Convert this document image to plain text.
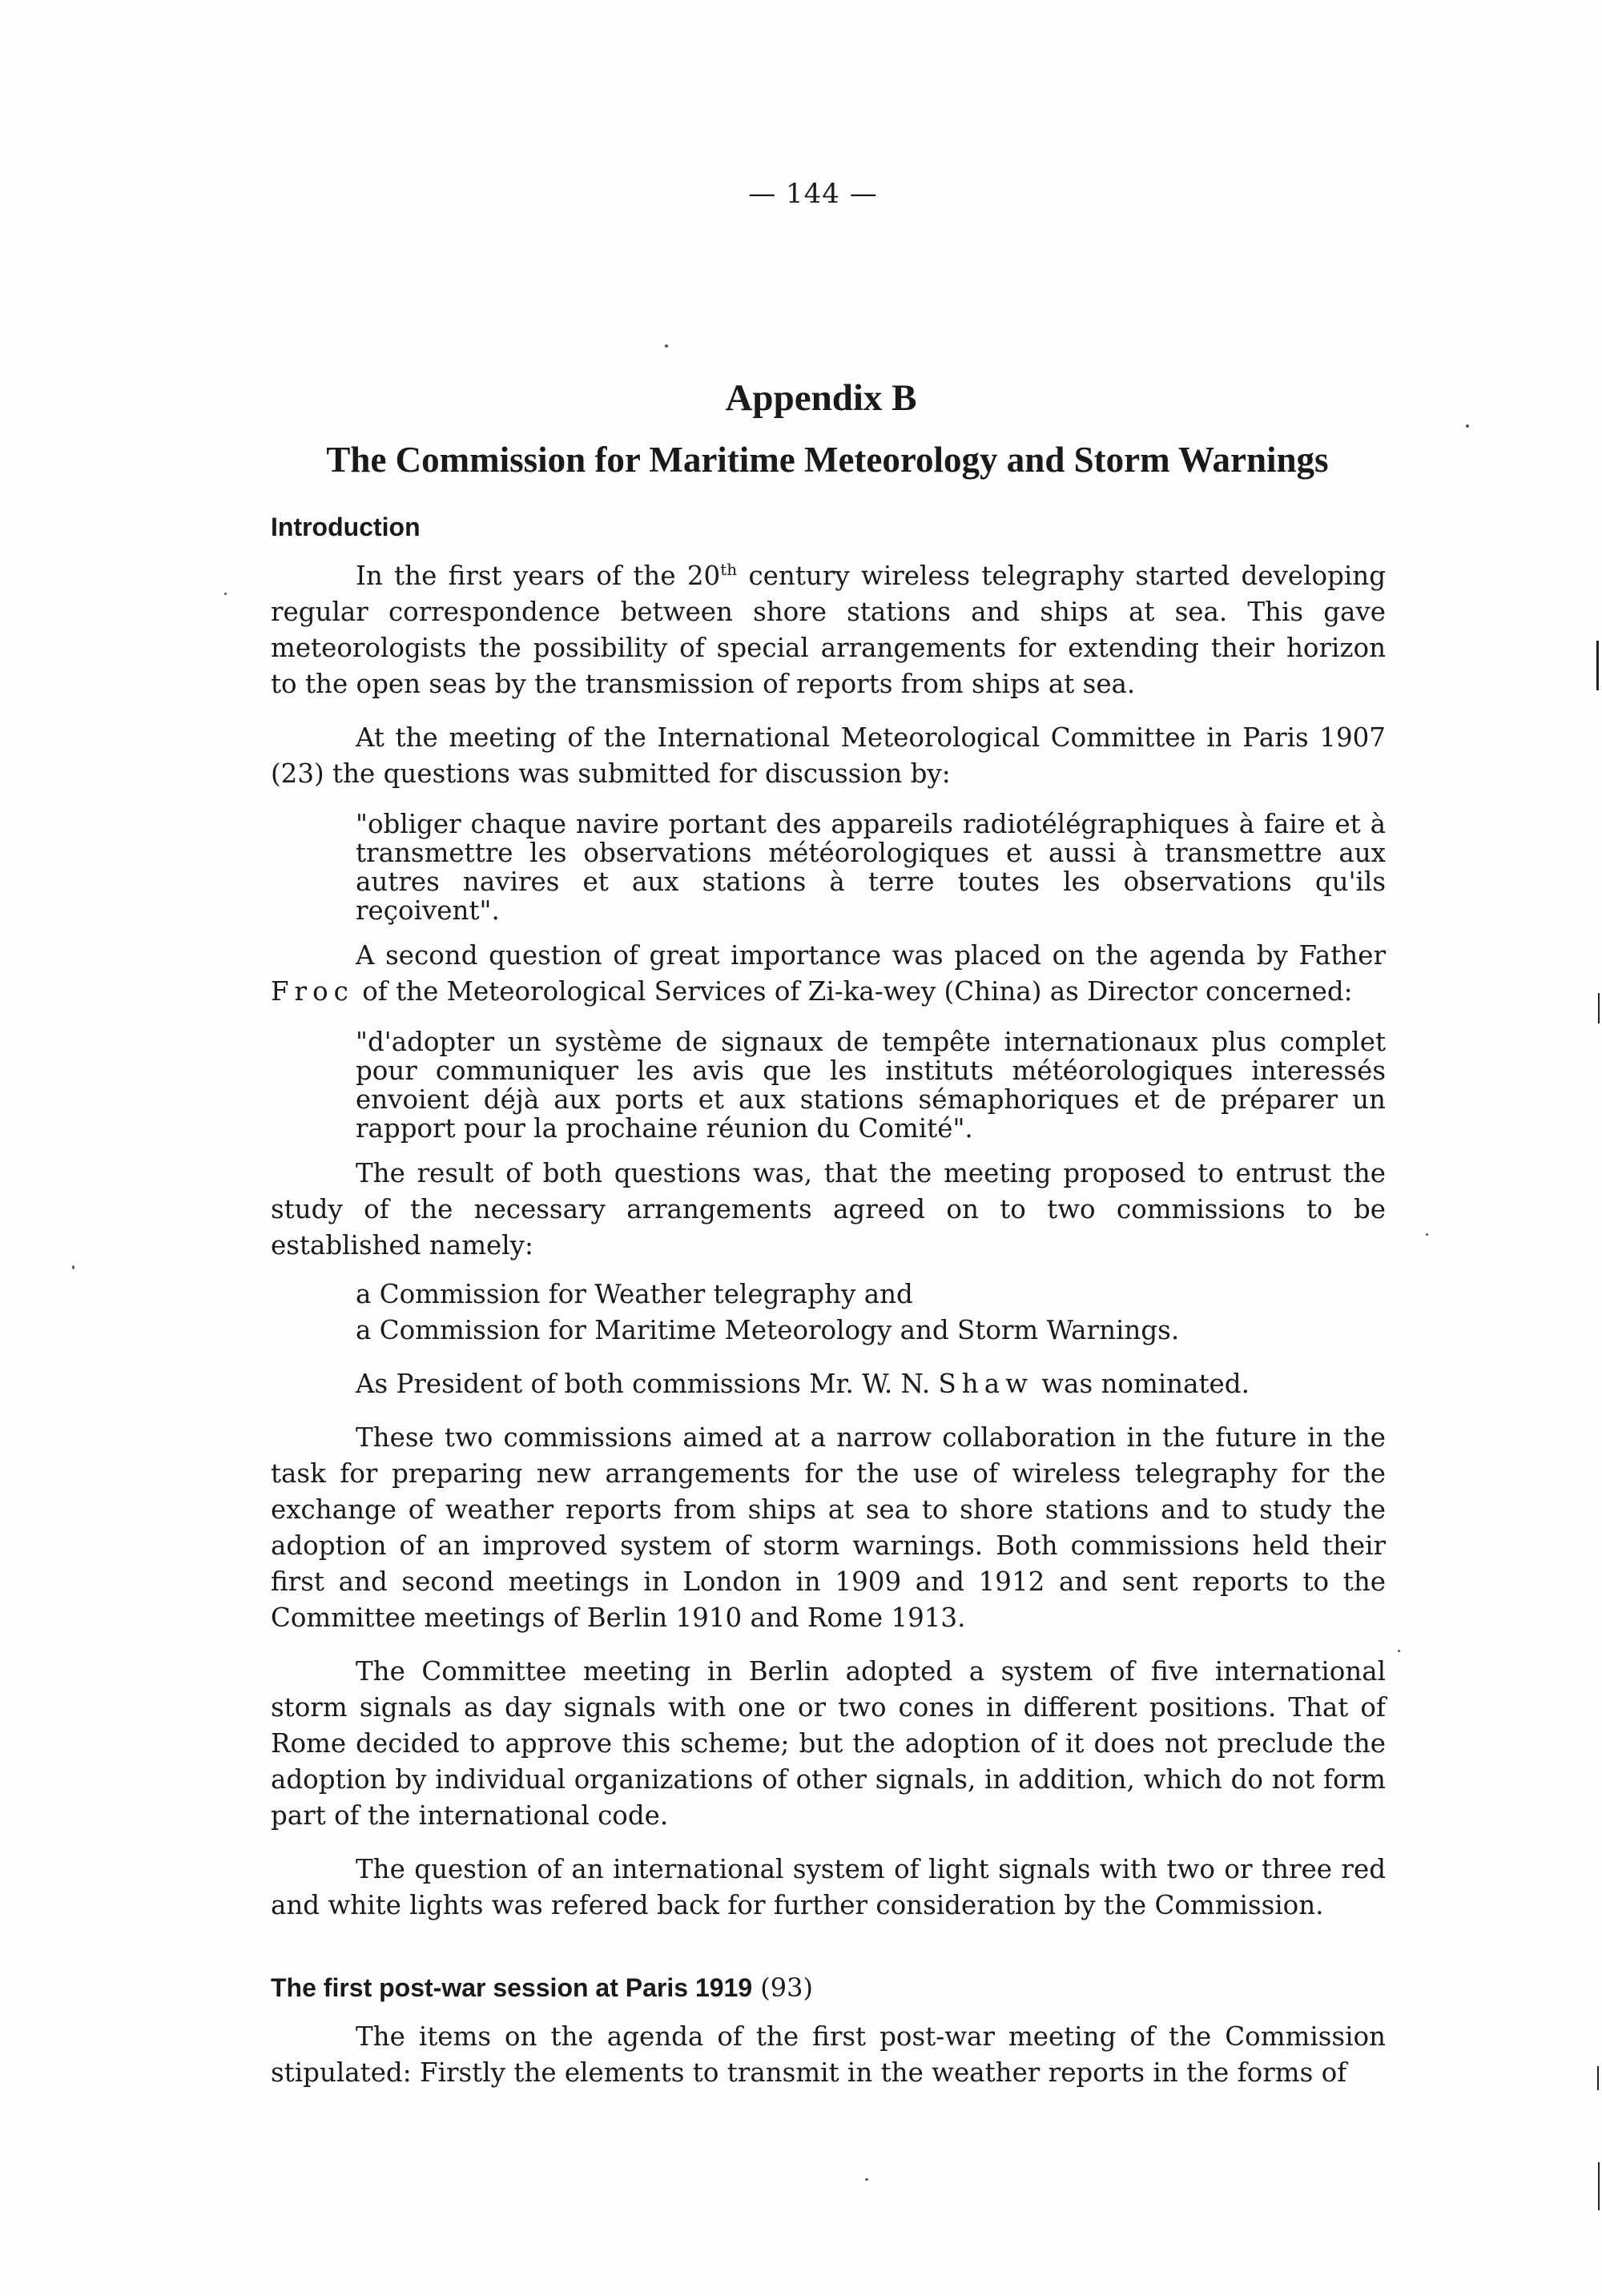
— 144 —
Appendix B
The Commission for Maritime Meteorology and Storm Warnings
Introduction

In the first years of the 20th century wireless telegraphy started developing regular correspondence between shore stations and ships at sea. This gave meteorologists the possibility of special arrangements for extending their horizon to the open seas by the transmission of reports from ships at sea.

At the meeting of the International Meteorological Committee in Paris 1907 (23) the questions was submitted for discussion by:

"obliger chaque navire portant des appareils radiotélégraphiques à faire et à transmettre les observations météorologiques et aussi à transmettre aux autres navires et aux stations à terre toutes les observations qu'ils reçoivent".

A second question of great importance was placed on the agenda by Father Froc of the Meteorological Services of Zi-ka-wey (China) as Director concerned:

"d'adopter un système de signaux de tempête internationaux plus complet pour communiquer les avis que les instituts météorologiques interessés envoient déjà aux ports et aux stations sémaphoriques et de préparer un rapport pour la prochaine réunion du Comité".

The result of both questions was, that the meeting proposed to entrust the study of the necessary arrangements agreed on to two commissions to be established namely:

a Commission for Weather telegraphy and
a Commission for Maritime Meteorology and Storm Warnings.

As President of both commissions Mr. W. N. Shaw was nominated.

These two commissions aimed at a narrow collaboration in the future in the task for preparing new arrangements for the use of wireless telegraphy for the exchange of weather reports from ships at sea to shore stations and to study the adoption of an improved system of storm warnings. Both commissions held their first and second meetings in London in 1909 and 1912 and sent reports to the Committee meetings of Berlin 1910 and Rome 1913.

The Committee meeting in Berlin adopted a system of five international storm signals as day signals with one or two cones in different positions. That of Rome decided to approve this scheme; but the adoption of it does not preclude the adoption by individual organizations of other signals, in addition, which do not form part of the international code.

The question of an international system of light signals with two or three red and white lights was refered back for further consideration by the Commission.

The first post-war session at Paris 1919 (93)

The items on the agenda of the first post-war meeting of the Commission stipulated: Firstly the elements to transmit in the weather reports in the forms of
